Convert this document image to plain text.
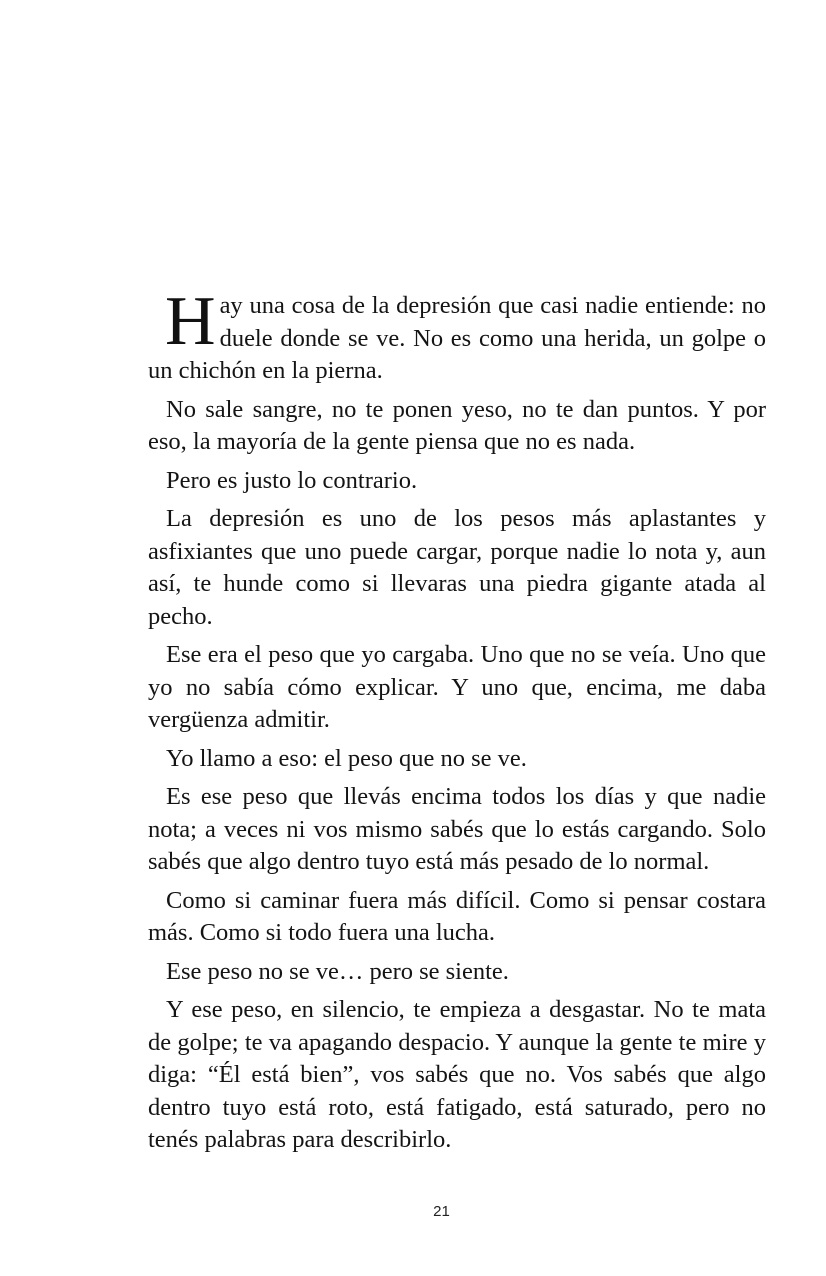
Hay una cosa de la depresión que casi nadie entiende: no duele donde se ve. No es como una herida, un golpe o un chichón en la pierna.

No sale sangre, no te ponen yeso, no te dan puntos. Y por eso, la mayoría de la gente piensa que no es nada.

Pero es justo lo contrario.

La depresión es uno de los pesos más aplastantes y asfixiantes que uno puede cargar, porque nadie lo nota y, aun así, te hunde como si llevaras una piedra gigante atada al pecho.

Ese era el peso que yo cargaba. Uno que no se veía. Uno que yo no sabía cómo explicar. Y uno que, encima, me daba vergüenza admitir.

Yo llamo a eso: el peso que no se ve.

Es ese peso que llevás encima todos los días y que nadie nota; a veces ni vos mismo sabés que lo estás cargando. Solo sabés que algo dentro tuyo está más pesado de lo normal.

Como si caminar fuera más difícil. Como si pensar costara más. Como si todo fuera una lucha.

Ese peso no se ve… pero se siente.

Y ese peso, en silencio, te empieza a desgastar. No te mata de golpe; te va apagando despacio. Y aunque la gente te mire y diga: “Él está bien”, vos sabés que no. Vos sabés que algo dentro tuyo está roto, está fatigado, está saturado, pero no tenés palabras para describirlo.

21
